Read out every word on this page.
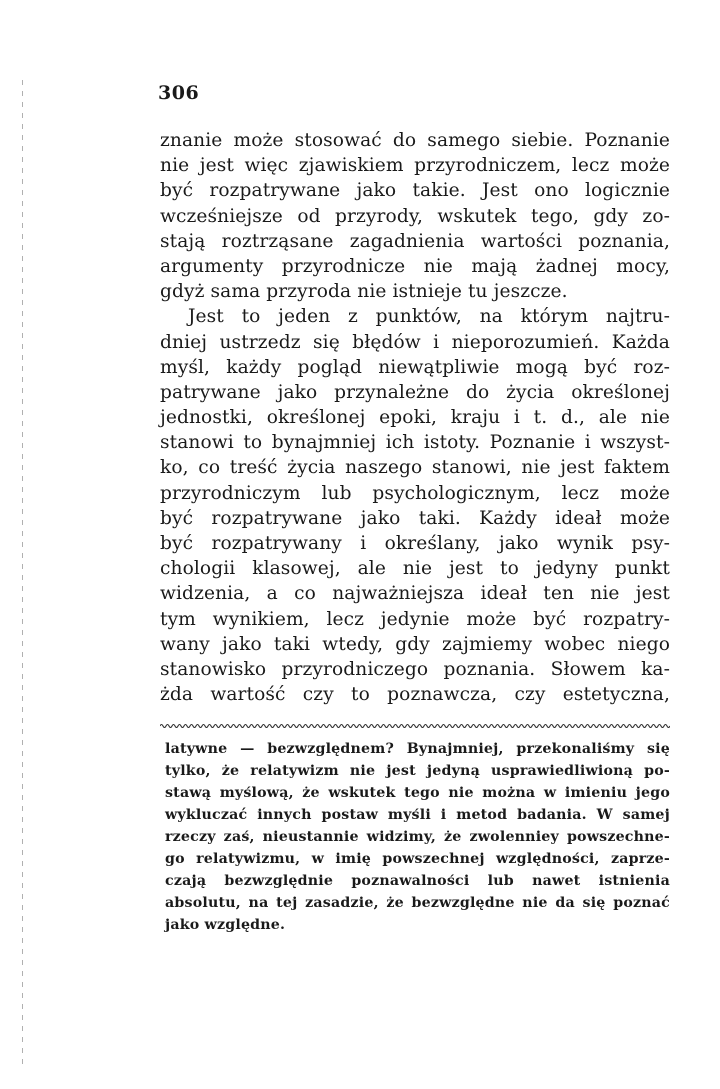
306
znanie może stosować do samego siebie. Poznanie
nie jest więc zjawiskiem przyrodniczem, lecz może
być rozpatrywane jako takie. Jest ono logicznie
wcześniejsze od przyrody, wskutek tego, gdy zo-
stają roztrząsane zagadnienia wartości poznania,
argumenty przyrodnicze nie mają żadnej mocy,
gdyż sama przyroda nie istnieje tu jeszcze.
Jest to jeden z punktów, na którym najtru-
dniej ustrzedz się błędów i nieporozumień. Każda
myśl, każdy pogląd niewątpliwie mogą być roz-
patrywane jako przynależne do życia określonej
jednostki, określonej epoki, kraju i t. d., ale nie
stanowi to bynajmniej ich istoty. Poznanie i wszyst-
ko, co treść życia naszego stanowi, nie jest faktem
przyrodniczym lub psychologicznym, lecz może
być rozpatrywane jako taki. Każdy ideał może
być rozpatrywany i określany, jako wynik psy-
chologii klasowej, ale nie jest to jedyny punkt
widzenia, a co najważniejsza ideał ten nie jest
tym wynikiem, lecz jedynie może być rozpatry-
wany jako taki wtedy, gdy zajmiemy wobec niego
stanowisko przyrodniczego poznania. Słowem ka-
żda wartość czy to poznawcza, czy estetyczna,
latywne — bezwzględnem? Bynajmniej, przekonaliśmy się
tylko, że relatywizm nie jest jedyną usprawiedliwioną po-
stawą myślową, że wskutek tego nie można w imieniu jego
wykluczać innych postaw myśli i metod badania. W samej
rzeczy zaś, nieustannie widzimy, że zwolenniey powszechne-
go relatywizmu, w imię powszechnej względności, zaprze-
czają bezwzględnie poznawalności lub nawet istnienia
absolutu, na tej zasadzie, że bezwzględne nie da się poznać
jako względne.
